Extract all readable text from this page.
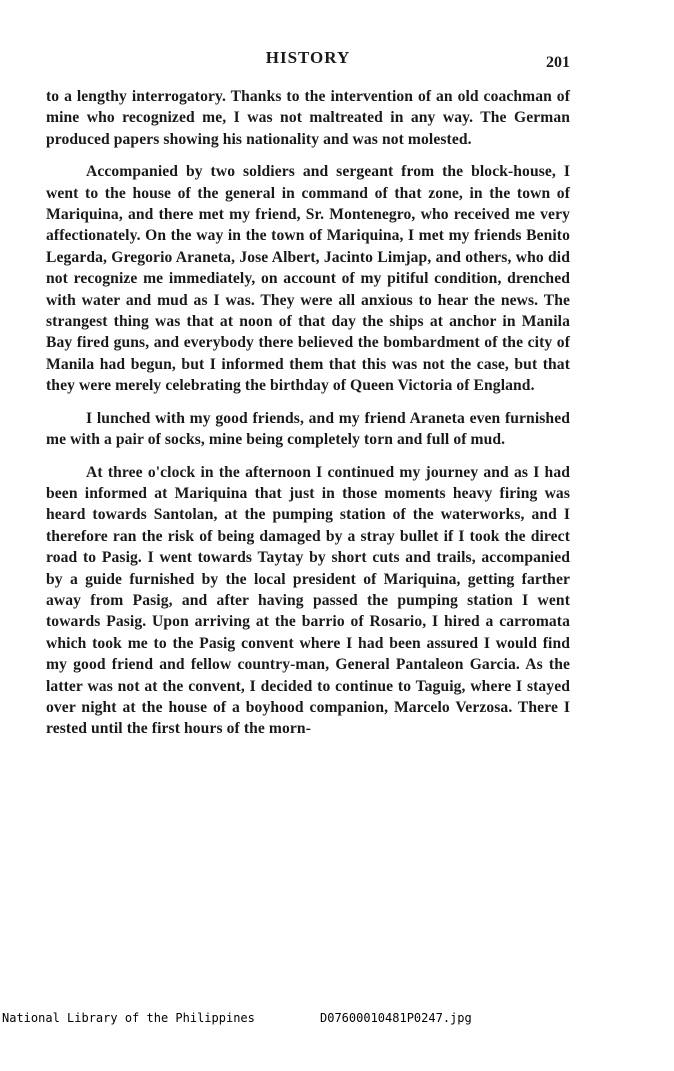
HISTORY	201

to a lengthy interrogatory. Thanks to the intervention of an old coachman of mine who recognized me, I was not maltreated in any way. The German produced papers showing his nationality and was not molested.

Accompanied by two soldiers and sergeant from the block-house, I went to the house of the general in command of that zone, in the town of Mariquina, and there met my friend, Sr. Montenegro, who received me very affectionately. On the way in the town of Mariquina, I met my friends Benito Legarda, Gregorio Araneta, Jose Albert, Jacinto Limjap, and others, who did not recognize me immediately, on account of my pitiful condition, drenched with water and mud as I was. They were all anxious to hear the news. The strangest thing was that at noon of that day the ships at anchor in Manila Bay fired guns, and everybody there believed the bombardment of the city of Manila had begun, but I informed them that this was not the case, but that they were merely celebrating the birthday of Queen Victoria of England.

I lunched with my good friends, and my friend Araneta even furnished me with a pair of socks, mine being completely torn and full of mud.

At three o'clock in the afternoon I continued my journey and as I had been informed at Mariquina that just in those moments heavy firing was heard towards Santolan, at the pumping station of the waterworks, and I therefore ran the risk of being damaged by a stray bullet if I took the direct road to Pasig. I went towards Taytay by short cuts and trails, accompanied by a guide furnished by the local president of Mariquina, getting farther away from Pasig, and after having passed the pumping station I went towards Pasig. Upon arriving at the barrio of Rosario, I hired a carromata which took me to the Pasig convent where I had been assured I would find my good friend and fellow country-man, General Pantaleon Garcia. As the latter was not at the convent, I decided to continue to Taguig, where I stayed over night at the house of a boyhood companion, Marcelo Verzosa. There I rested until the first hours of the morn-

National Library of the Philippines

	D07600010481P0247.jpg
